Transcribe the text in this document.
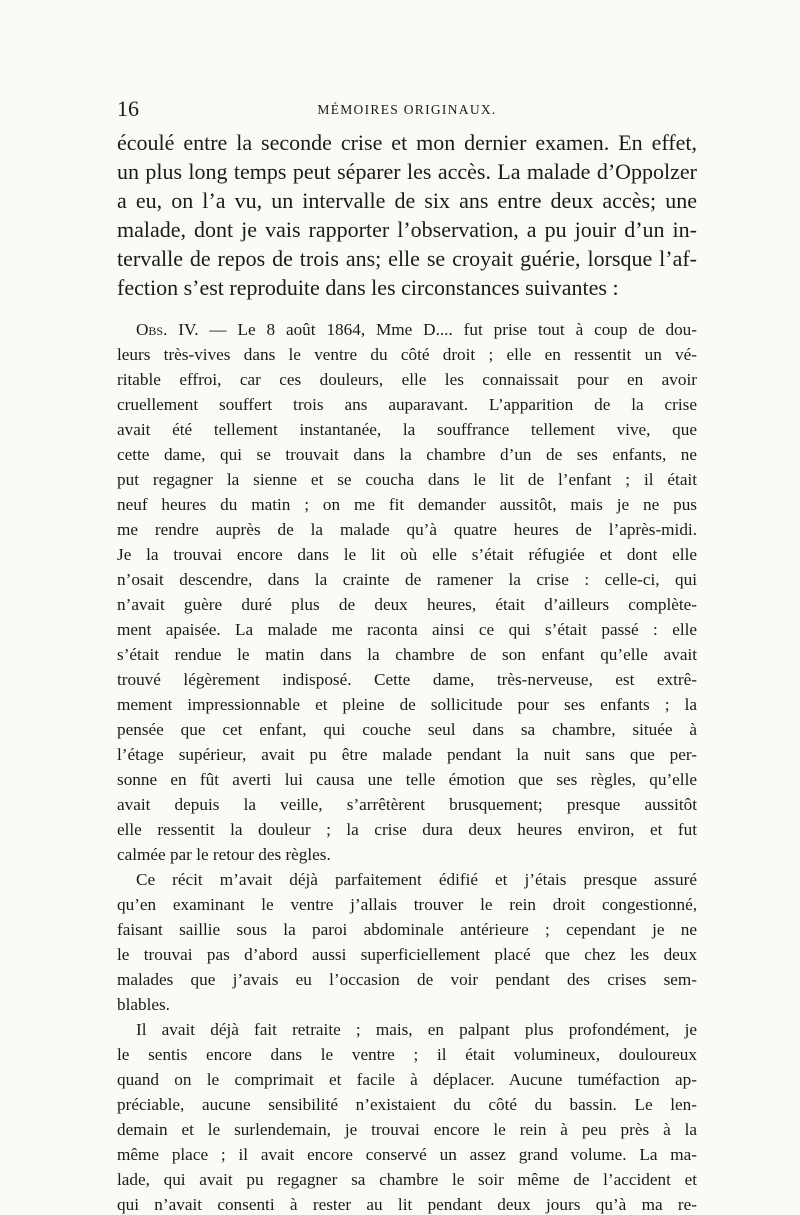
16	MÉMOIRES ORIGINAUX.
écoulé entre la seconde crise et mon dernier examen. En effet,
un plus long temps peut séparer les accès. La malade d’Oppolzer
a eu, on l’a vu, un intervalle de six ans entre deux accès; une
malade, dont je vais rapporter l’observation, a pu jouir d’un in-
tervalle de repos de trois ans; elle se croyait guérie, lorsque l’af-
fection s’est reproduite dans les circonstances suivantes :
Obs. IV. — Le 8 août 1864, Mme D.... fut prise tout à coup de dou-
leurs très-vives dans le ventre du côté droit ; elle en ressentit un vé-
ritable effroi, car ces douleurs, elle les connaissait pour en avoir
cruellement souffert trois ans auparavant. L’apparition de la crise
avait été tellement instantanée, la souffrance tellement vive, que
cette dame, qui se trouvait dans la chambre d’un de ses enfants, ne
put regagner la sienne et se coucha dans le lit de l’enfant ; il était
neuf heures du matin ; on me fit demander aussitôt, mais je ne pus
me rendre auprès de la malade qu’à quatre heures de l’après-midi.
Je la trouvai encore dans le lit où elle s’était réfugiée et dont elle
n’osait descendre, dans la crainte de ramener la crise : celle-ci, qui
n’avait guère duré plus de deux heures, était d’ailleurs complète-
ment apaisée. La malade me raconta ainsi ce qui s’était passé : elle
s’était rendue le matin dans la chambre de son enfant qu’elle avait
trouvé légèrement indisposé. Cette dame, très-nerveuse, est extrê-
mement impressionnable et pleine de sollicitude pour ses enfants ; la
pensée que cet enfant, qui couche seul dans sa chambre, située à
l’étage supérieur, avait pu être malade pendant la nuit sans que per-
sonne en fût averti lui causa une telle émotion que ses règles, qu’elle
avait depuis la veille, s’arrêtèrent brusquement; presque aussitôt
elle ressentit la douleur ; la crise dura deux heures environ, et fut
calmée par le retour des règles.
Ce récit m’avait déjà parfaitement édifié et j’étais presque assuré
qu’en examinant le ventre j’allais trouver le rein droit congestionné,
faisant saillie sous la paroi abdominale antérieure ; cependant je ne
le trouvai pas d’abord aussi superficiellement placé que chez les deux
malades que j’avais eu l’occasion de voir pendant des crises sem-
blables.
Il avait déjà fait retraite ; mais, en palpant plus profondément, je
le sentis encore dans le ventre ; il était volumineux, douloureux
quand on le comprimait et facile à déplacer. Aucune tuméfaction ap-
préciable, aucune sensibilité n’existaient du côté du bassin. Le len-
demain et le surlendemain, je trouvai encore le rein à peu près à la
même place ; il avait encore conservé un assez grand volume. La ma-
lade, qui avait pu regagner sa chambre le soir même de l’accident et
qui n’avait consenti à rester au lit pendant deux jours qu’à ma re-
